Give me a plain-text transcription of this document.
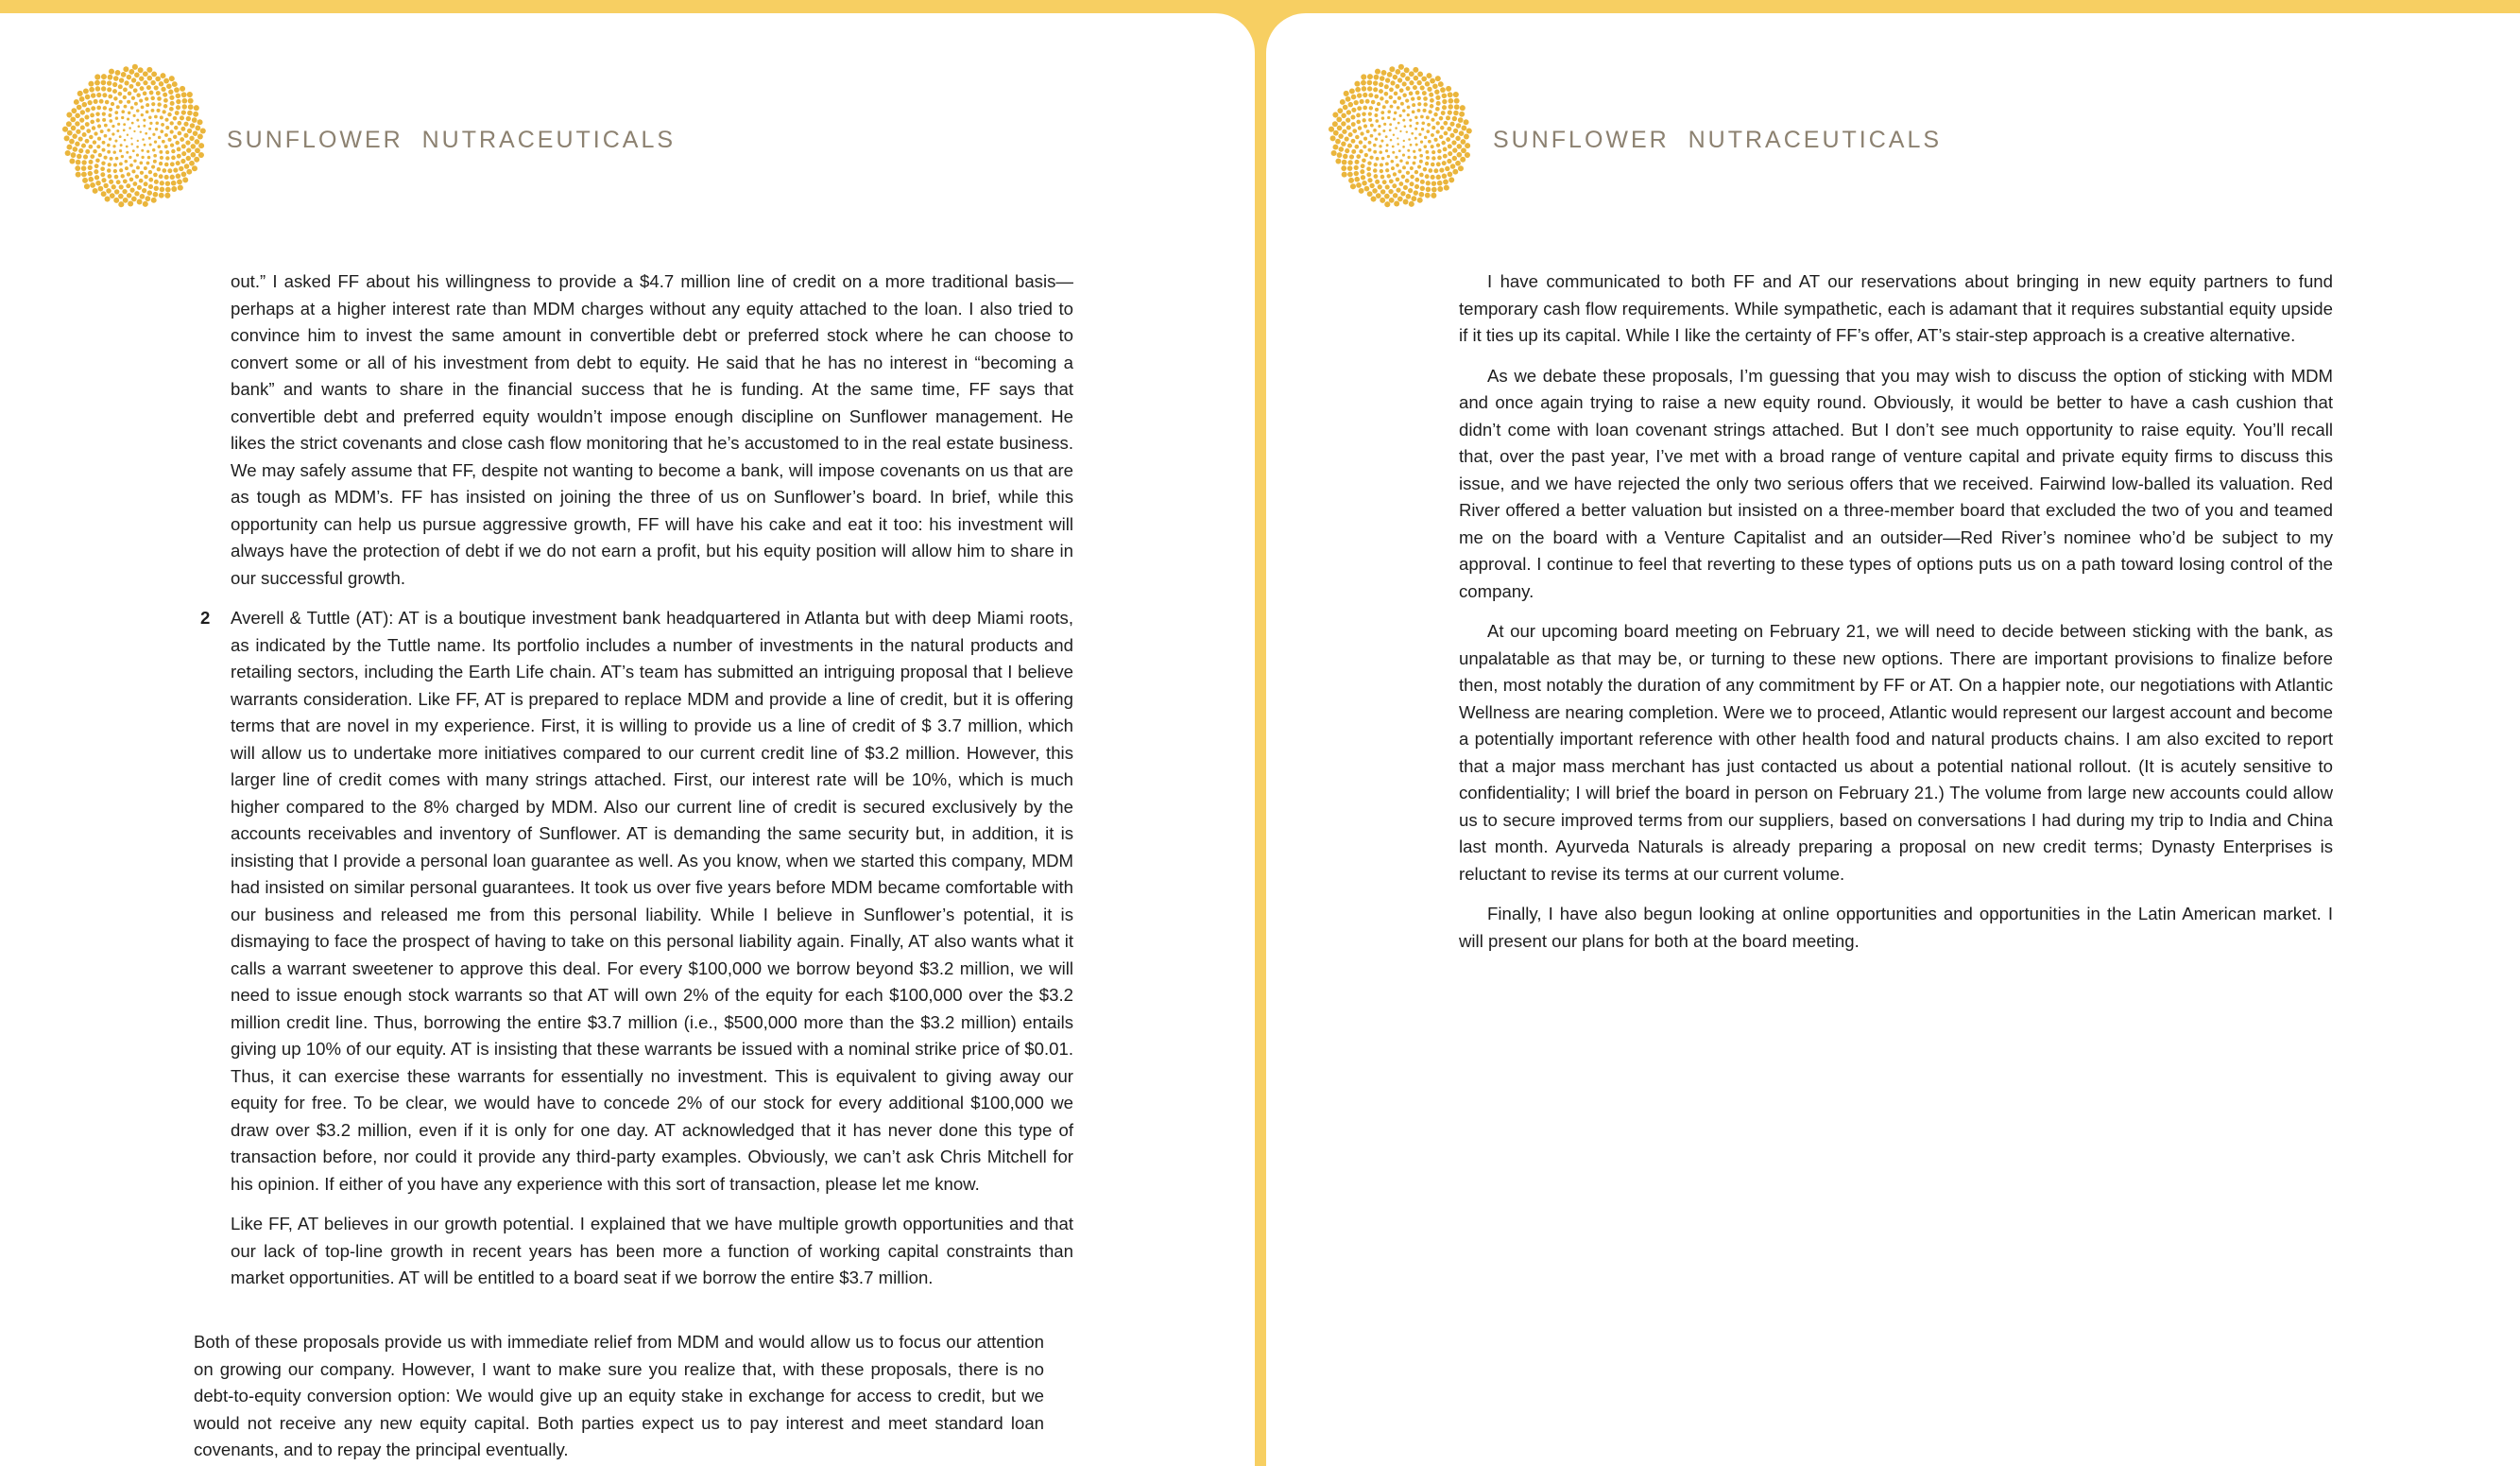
SUNFLOWER  NUTRACEUTICALS

out.” I asked FF about his willingness to provide a $4.7 million line of credit on a more traditional basis—perhaps at a higher interest rate than MDM charges without any equity attached to the loan. I also tried to convince him to invest the same amount in convertible debt or preferred stock where he can choose to convert some or all of his investment from debt to equity. He said that he has no interest in “becoming a bank” and wants to share in the financial success that he is funding. At the same time, FF says that convertible debt and preferred equity wouldn’t impose enough discipline on Sunflower management. He likes the strict covenants and close cash flow monitoring that he’s accustomed to in the real estate business. We may safely assume that FF, despite not wanting to become a bank, will impose covenants on us that are as tough as MDM’s. FF has insisted on joining the three of us on Sunflower’s board. In brief, while this opportunity can help us pursue aggressive growth, FF will have his cake and eat it too: his investment will always have the protection of debt if we do not earn a profit, but his equity position will allow him to share in our successful growth.

2 Averell & Tuttle (AT): AT is a boutique investment bank headquartered in Atlanta but with deep Miami roots, as indicated by the Tuttle name. Its portfolio includes a number of investments in the natural products and retailing sectors, including the Earth Life chain. AT’s team has submitted an intriguing proposal that I believe warrants consideration. Like FF, AT is prepared to replace MDM and provide a line of credit, but it is offering terms that are novel in my experience. First, it is willing to provide us a line of credit of $ 3.7 million, which will allow us to undertake more initiatives compared to our current credit line of $3.2 million. However, this larger line of credit comes with many strings attached. First, our interest rate will be 10%, which is much higher compared to the 8% charged by MDM. Also our current line of credit is secured exclusively by the accounts receivables and inventory of Sunflower. AT is demanding the same security but, in addition, it is insisting that I provide a personal loan guarantee as well. As you know, when we started this company, MDM had insisted on similar personal guarantees. It took us over five years before MDM became comfortable with our business and released me from this personal liability. While I believe in Sunflower’s potential, it is dismaying to face the prospect of having to take on this personal liability again. Finally, AT also wants what it calls a warrant sweetener to approve this deal. For every $100,000 we borrow beyond $3.2 million, we will need to issue enough stock warrants so that AT will own 2% of the equity for each $100,000 over the $3.2 million credit line. Thus, borrowing the entire $3.7 million (i.e., $500,000 more than the $3.2 million) entails giving up 10% of our equity. AT is insisting that these warrants be issued with a nominal strike price of $0.01. Thus, it can exercise these warrants for essentially no investment. This is equivalent to giving away our equity for free. To be clear, we would have to concede 2% of our stock for every additional $100,000 we draw over $3.2 million, even if it is only for one day. AT acknowledged that it has never done this type of transaction before, nor could it provide any third-party examples. Obviously, we can’t ask Chris Mitchell for his opinion. If either of you have any experience with this sort of transaction, please let me know.

Like FF, AT believes in our growth potential. I explained that we have multiple growth opportunities and that our lack of top-line growth in recent years has been more a function of working capital constraints than market opportunities. AT will be entitled to a board seat if we borrow the entire $3.7 million.

Both of these proposals provide us with immediate relief from MDM and would allow us to focus our attention on growing our company. However, I want to make sure you realize that, with these proposals, there is no debt-to-equity conversion option: We would give up an equity stake in exchange for access to credit, but we would not receive any new equity capital. Both parties expect us to pay interest and meet standard loan covenants, and to repay the principal eventually.

SUNFLOWER  NUTRACEUTICALS

I have communicated to both FF and AT our reservations about bringing in new equity partners to fund temporary cash flow requirements. While sympathetic, each is adamant that it requires substantial equity upside if it ties up its capital. While I like the certainty of FF’s offer, AT’s stair-step approach is a creative alternative.

As we debate these proposals, I’m guessing that you may wish to discuss the option of sticking with MDM and once again trying to raise a new equity round. Obviously, it would be better to have a cash cushion that didn’t come with loan covenant strings attached. But I don’t see much opportunity to raise equity. You’ll recall that, over the past year, I’ve met with a broad range of venture capital and private equity firms to discuss this issue, and we have rejected the only two serious offers that we received. Fairwind low-balled its valuation. Red River offered a better valuation but insisted on a three-member board that excluded the two of you and teamed me on the board with a Venture Capitalist and an outsider—Red River’s nominee who’d be subject to my approval. I continue to feel that reverting to these types of options puts us on a path toward losing control of the company.

At our upcoming board meeting on February 21, we will need to decide between sticking with the bank, as unpalatable as that may be, or turning to these new options. There are important provisions to finalize before then, most notably the duration of any commitment by FF or AT. On a happier note, our negotiations with Atlantic Wellness are nearing completion. Were we to proceed, Atlantic would represent our largest account and become a potentially important reference with other health food and natural products chains. I am also excited to report that a major mass merchant has just contacted us about a potential national rollout. (It is acutely sensitive to confidentiality; I will brief the board in person on February 21.) The volume from large new accounts could allow us to secure improved terms from our suppliers, based on conversations I had during my trip to India and China last month. Ayurveda Naturals is already preparing a proposal on new credit terms; Dynasty Enterprises is reluctant to revise its terms at our current volume.

Finally, I have also begun looking at online opportunities and opportunities in the Latin American market. I will present our plans for both at the board meeting.
